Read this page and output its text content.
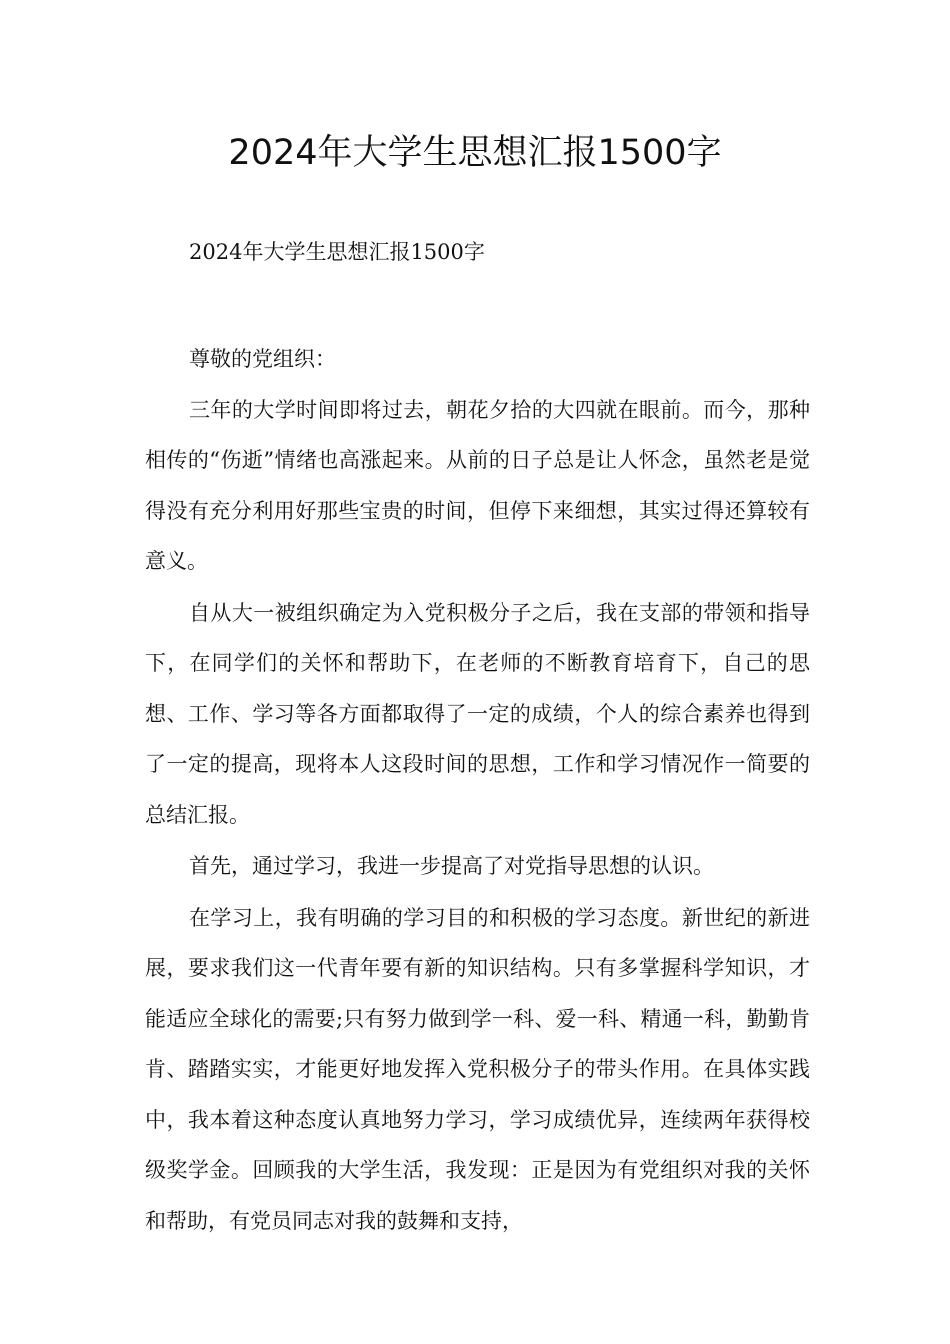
2024年大学生思想汇报1500字

2024年大学生思想汇报1500字

尊敬的党组织：

三年的大学时间即将过去，朝花夕拾的大四就在眼前。而今，那种相传的“伤逝”情绪也高涨起来。从前的日子总是让人怀念，虽然老是觉得没有充分利用好那些宝贵的时间，但停下来细想，其实过得还算较有意义。

自从大一被组织确定为入党积极分子之后，我在支部的带领和指导下，在同学们的关怀和帮助下，在老师的不断教育培育下，自己的思想、工作、学习等各方面都取得了一定的成绩，个人的综合素养也得到了一定的提高，现将本人这段时间的思想，工作和学习情况作一简要的总结汇报。

首先，通过学习，我进一步提高了对党指导思想的认识。

在学习上，我有明确的学习目的和积极的学习态度。新世纪的新进展，要求我们这一代青年要有新的知识结构。只有多掌握科学知识，才能适应全球化的需要;只有努力做到学一科、爱一科、精通一科，勤勤肯肯、踏踏实实，才能更好地发挥入党积极分子的带头作用。在具体实践中，我本着这种态度认真地努力学习，学习成绩优异，连续两年获得校级奖学金。回顾我的大学生活，我发现：正是因为有党组织对我的关怀和帮助，有党员同志对我的鼓舞和支持，
